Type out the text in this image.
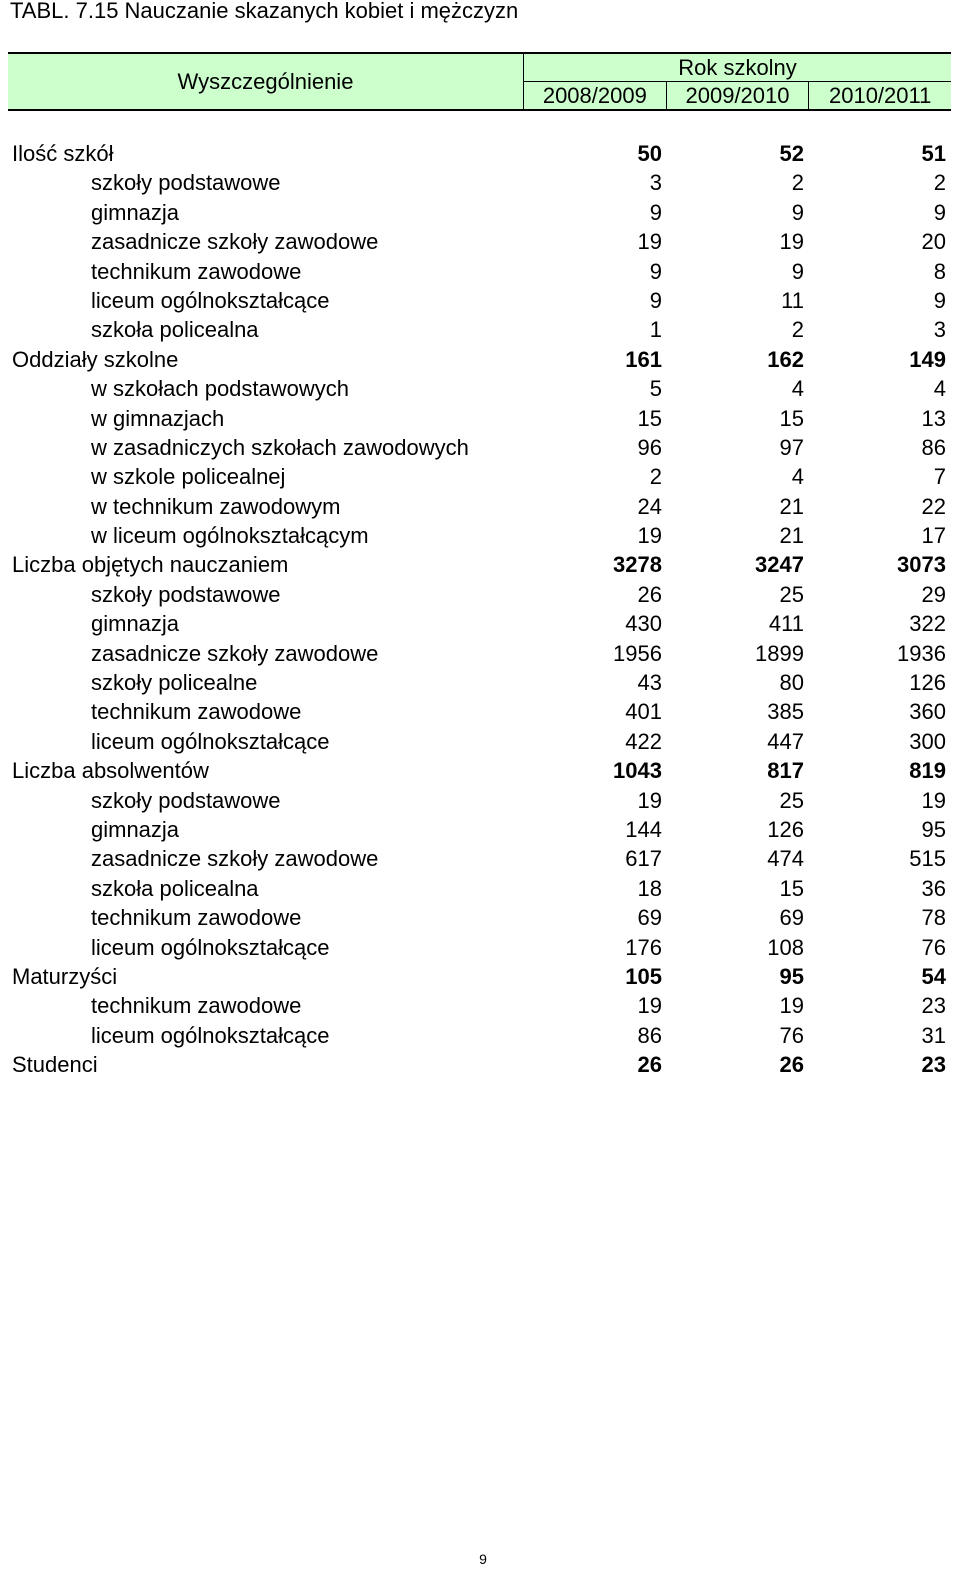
TABL. 7.15 Nauczanie skazanych kobiet i mężczyzn
Wyszczególnienie
Rok szkolny
2008/2009	2009/2010	2010/2011
Ilość szkół	50	52	51
szkoły podstawowe	3	2	2
gimnazja	9	9	9
zasadnicze szkoły zawodowe	19	19	20
technikum zawodowe	9	9	8
liceum ogólnokształcące	9	11	9
szkoła policealna	1	2	3
Oddziały szkolne	161	162	149
w szkołach podstawowych	5	4	4
w gimnazjach	15	15	13
w zasadniczych szkołach zawodowych	96	97	86
w szkole policealnej	2	4	7
w technikum zawodowym	24	21	22
w liceum ogólnokształcącym	19	21	17
Liczba objętych nauczaniem	3278	3247	3073
szkoły podstawowe	26	25	29
gimnazja	430	411	322
zasadnicze szkoły zawodowe	1956	1899	1936
szkoły policealne	43	80	126
technikum zawodowe	401	385	360
liceum ogólnokształcące	422	447	300
Liczba absolwentów	1043	817	819
szkoły podstawowe	19	25	19
gimnazja	144	126	95
zasadnicze szkoły zawodowe	617	474	515
szkoła policealna	18	15	36
technikum zawodowe	69	69	78
liceum ogólnokształcące	176	108	76
Maturzyści	105	95	54
technikum zawodowe	19	19	23
liceum ogólnokształcące	86	76	31
Studenci	26	26	23
9
